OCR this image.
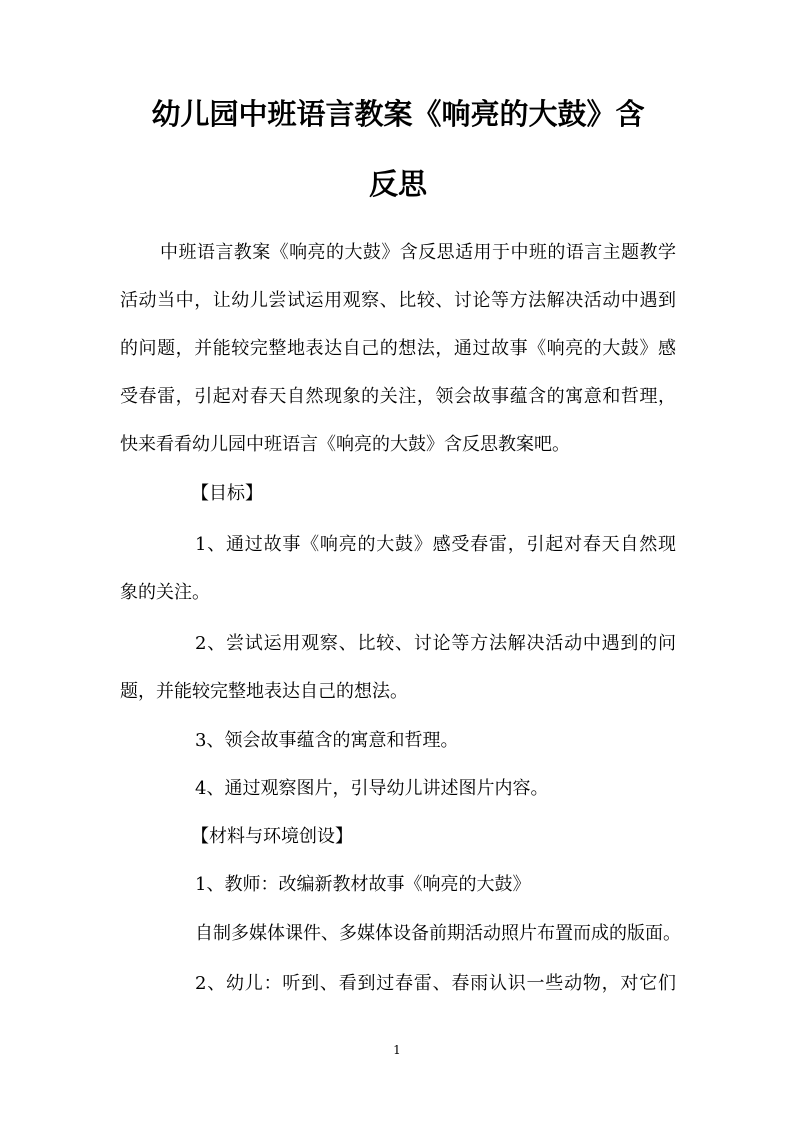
幼儿园中班语言教案《响亮的大鼓》含
反思

中班语言教案《响亮的大鼓》含反思适用于中班的语言主题教学

活动当中，让幼儿尝试运用观察、比较、讨论等方法解决活动中遇到

的问题，并能较完整地表达自己的想法，通过故事《响亮的大鼓》感

受春雷，引起对春天自然现象的关注，领会故事蕴含的寓意和哲理，

快来看看幼儿园中班语言《响亮的大鼓》含反思教案吧。

【目标】

1、通过故事《响亮的大鼓》感受春雷，引起对春天自然现

象的关注。

2、尝试运用观察、比较、讨论等方法解决活动中遇到的问

题，并能较完整地表达自己的想法。

3、领会故事蕴含的寓意和哲理。

4、通过观察图片，引导幼儿讲述图片内容。

【材料与环境创设】

1、教师：改编新教材故事《响亮的大鼓》

自制多媒体课件、多媒体设备前期活动照片布置而成的版面。

2、幼儿：听到、看到过春雷、春雨认识一些动物，对它们

1
